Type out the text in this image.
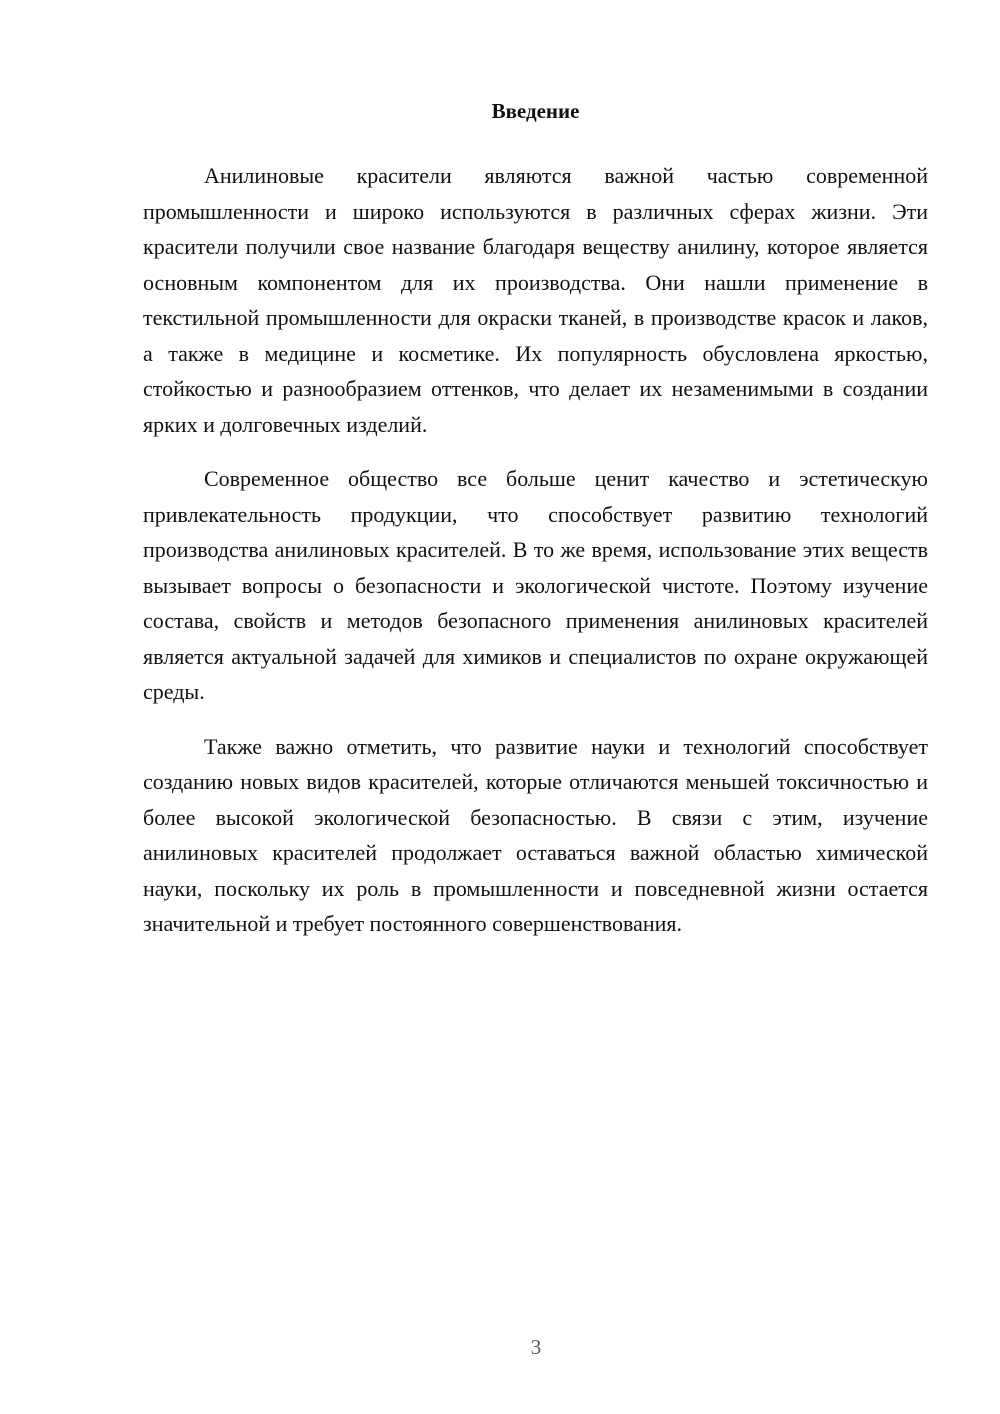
Введение

Анилиновые красители являются важной частью современной промышленности и широко используются в различных сферах жизни. Эти красители получили свое название благодаря веществу анилину, которое является основным компонентом для их производства. Они нашли применение в текстильной промышленности для окраски тканей, в производстве красок и лаков, а также в медицине и косметике. Их популярность обусловлена яркостью, стойкостью и разнообразием оттенков, что делает их незаменимыми в создании ярких и долговечных изделий.

Современное общество все больше ценит качество и эстетическую привлекательность продукции, что способствует развитию технологий производства анилиновых красителей. В то же время, использование этих веществ вызывает вопросы о безопасности и экологической чистоте. Поэтому изучение состава, свойств и методов безопасного применения анилиновых красителей является актуальной задачей для химиков и специалистов по охране окружающей среды.

Также важно отметить, что развитие науки и технологий способствует созданию новых видов красителей, которые отличаются меньшей токсичностью и более высокой экологической безопасностью. В связи с этим, изучение анилиновых красителей продолжает оставаться важной областью химической науки, поскольку их роль в промышленности и повседневной жизни остается значительной и требует постоянного совершенствования.

3
